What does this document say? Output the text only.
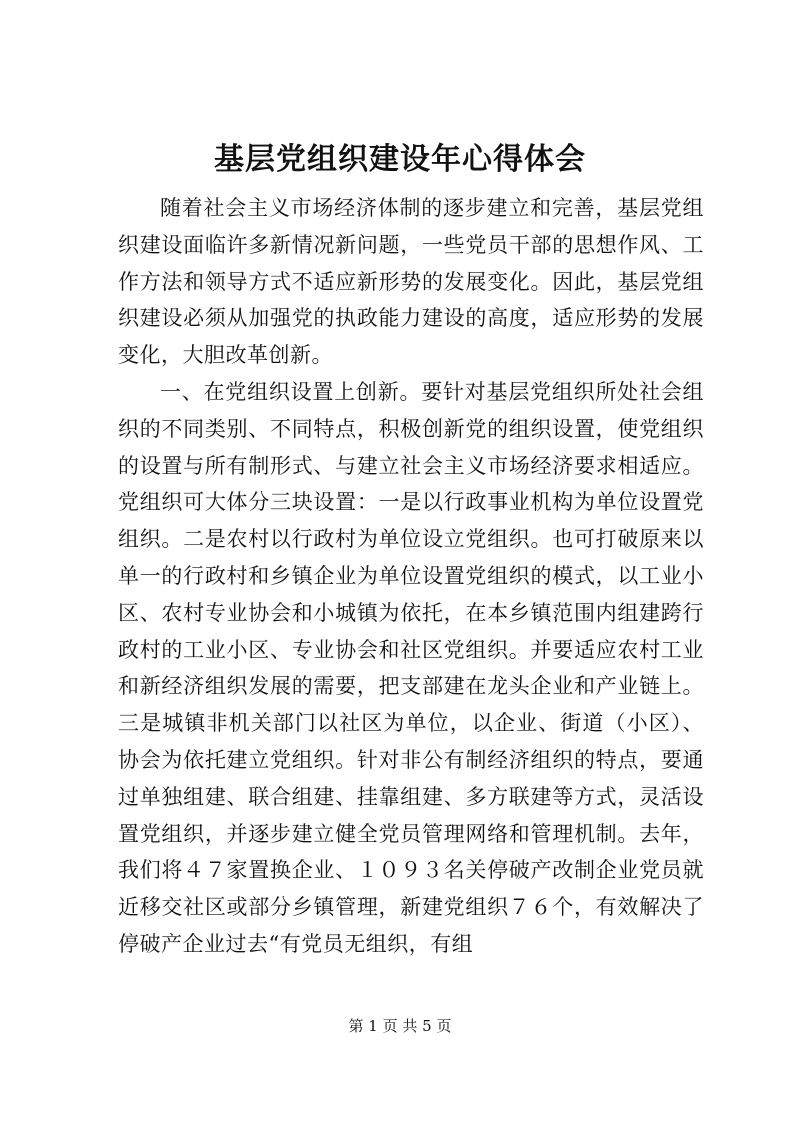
基层党组织建设年心得体会

随着社会主义市场经济体制的逐步建立和完善，基层党组织建设面临许多新情况新问题，一些党员干部的思想作风、工作方法和领导方式不适应新形势的发展变化。因此，基层党组织建设必须从加强党的执政能力建设的高度，适应形势的发展变化，大胆改革创新。

一、在党组织设置上创新。要针对基层党组织所处社会组织的不同类别、不同特点，积极创新党的组织设置，使党组织的设置与所有制形式、与建立社会主义市场经济要求相适应。党组织可大体分三块设置：一是以行政事业机构为单位设置党组织。二是农村以行政村为单位设立党组织。也可打破原来以单一的行政村和乡镇企业为单位设置党组织的模式，以工业小区、农村专业协会和小城镇为依托，在本乡镇范围内组建跨行政村的工业小区、专业协会和社区党组织。并要适应农村工业和新经济组织发展的需要，把支部建在龙头企业和产业链上。三是城镇非机关部门以社区为单位，以企业、街道（小区）、协会为依托建立党组织。针对非公有制经济组织的特点，要通过单独组建、联合组建、挂靠组建、多方联建等方式，灵活设置党组织，并逐步建立健全党员管理网络和管理机制。去年，我们将４７家置换企业、１０９３名关停破产改制企业党员就近移交社区或部分乡镇管理，新建党组织７６个，有效解决了停破产企业过去“有党员无组织，有组

第 1 页 共 5 页
